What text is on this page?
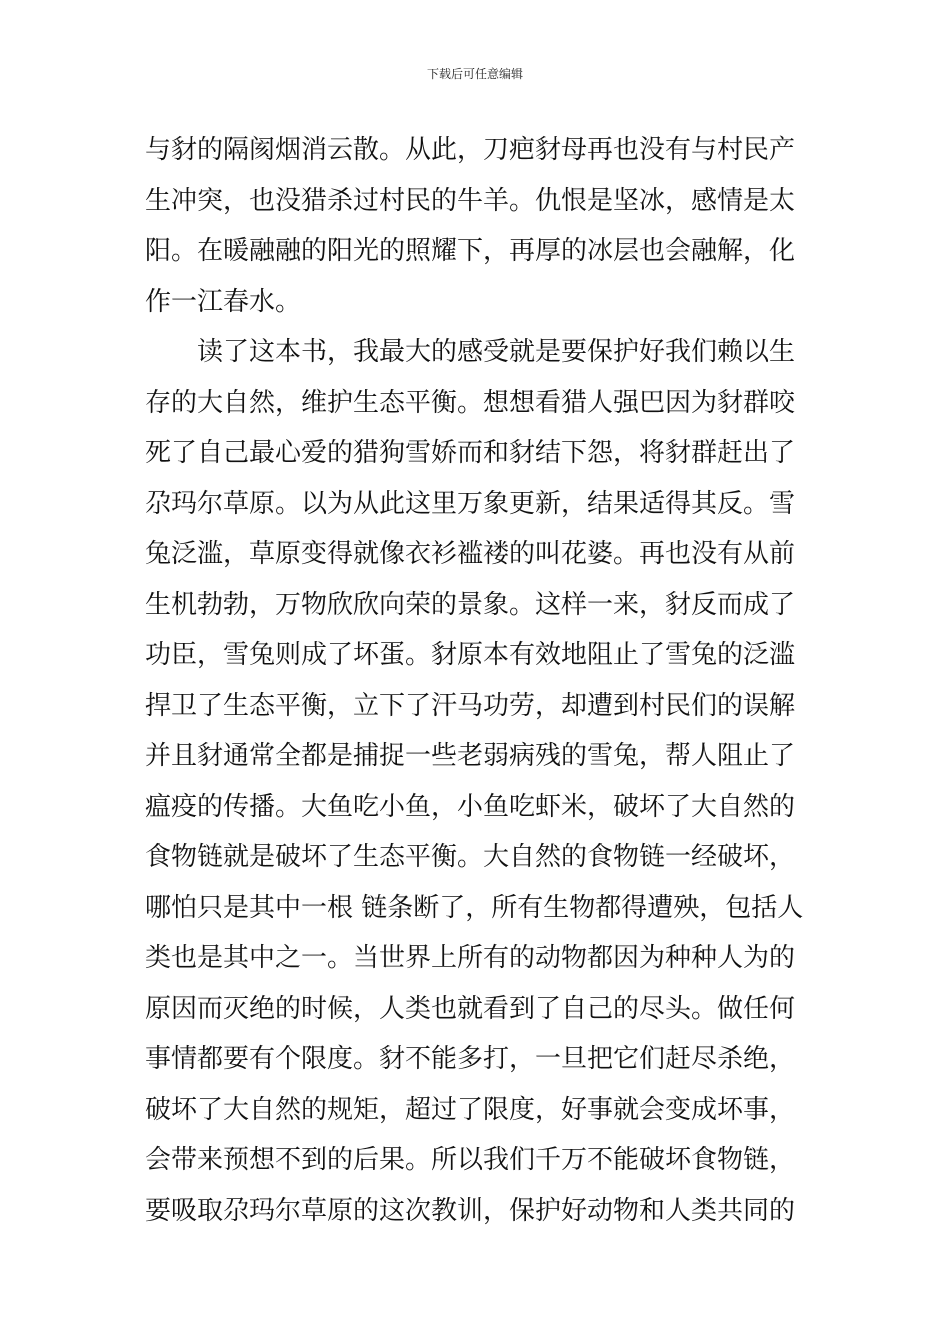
下载后可任意编辑
与豺的隔阂烟消云散。从此，刀疤豺母再也没有与村民产
生冲突，也没猎杀过村民的牛羊。仇恨是坚冰，感情是太
阳。在暖融融的阳光的照耀下，再厚的冰层也会融解，化
作一江春水。
读了这本书，我最大的感受就是要保护好我们赖以生
存的大自然，维护生态平衡。想想看猎人强巴因为豺群咬
死了自己最心爱的猎狗雪娇而和豺结下怨，将豺群赶出了
尕玛尔草原。以为从此这里万象更新，结果适得其反。雪
兔泛滥，草原变得就像衣衫褴褛的叫花婆。再也没有从前
生机勃勃，万物欣欣向荣的景象。这样一来，豺反而成了
功臣，雪兔则成了坏蛋。豺原本有效地阻止了雪兔的泛滥
捍卫了生态平衡，立下了汗马功劳，却遭到村民们的误解
并且豺通常全都是捕捉一些老弱病残的雪兔，帮人阻止了
瘟疫的传播。大鱼吃小鱼，小鱼吃虾米，破坏了大自然的
食物链就是破坏了生态平衡。大自然的食物链一经破坏，
哪怕只是其中一根 链条断了，所有生物都得遭殃，包括人
类也是其中之一。当世界上所有的动物都因为种种人为的
原因而灭绝的时候，人类也就看到了自己的尽头。做任何
事情都要有个限度。豺不能多打，一旦把它们赶尽杀绝，
破坏了大自然的规矩，超过了限度，好事就会变成坏事，
会带来预想不到的后果。所以我们千万不能破坏食物链，
要吸取尕玛尔草原的这次教训，保护好动物和人类共同的
